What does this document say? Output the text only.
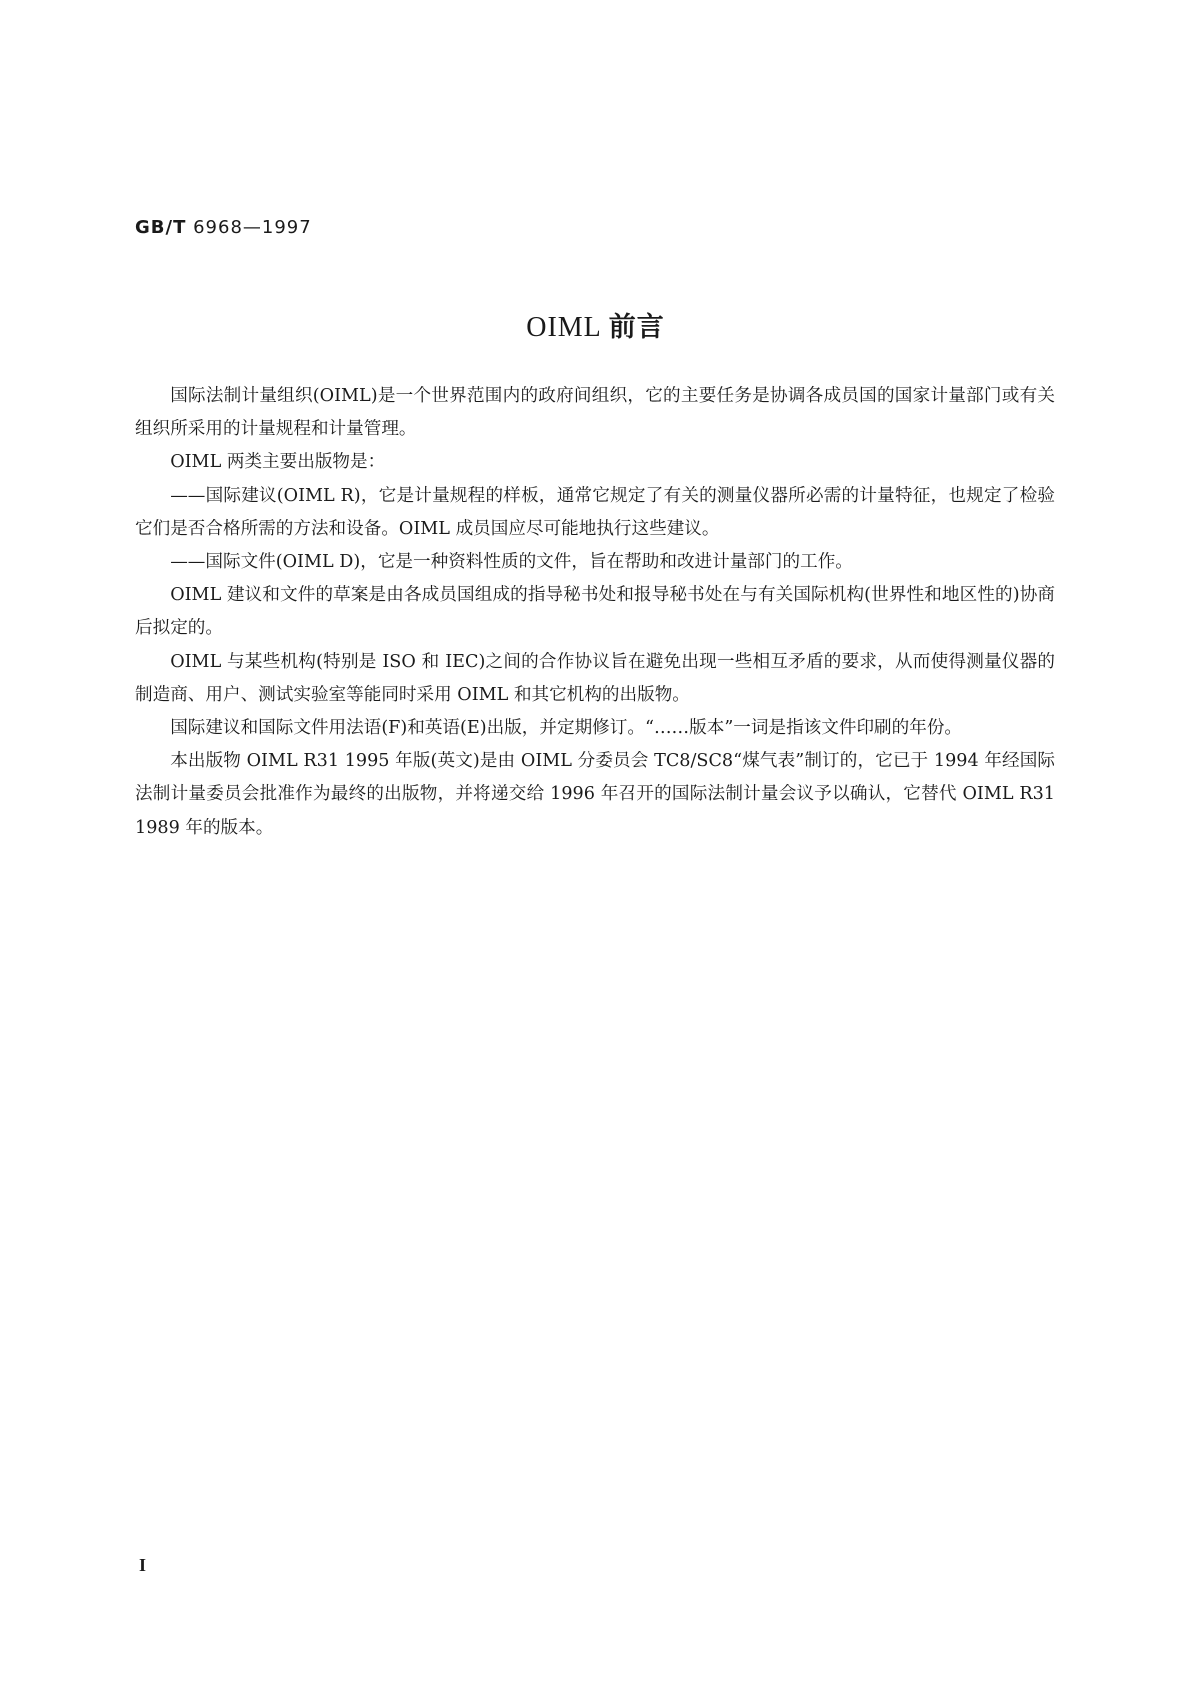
GB/T 6968—1997
OIML 前言

国际法制计量组织(OIML)是一个世界范围内的政府间组织，它的主要任务是协调各成员国的国家计量部门或有关组织所采用的计量规程和计量管理。

OIML 两类主要出版物是：

——国际建议(OIML R)，它是计量规程的样板，通常它规定了有关的测量仪器所必需的计量特征，也规定了检验它们是否合格所需的方法和设备。OIML 成员国应尽可能地执行这些建议。

——国际文件(OIML D)，它是一种资料性质的文件，旨在帮助和改进计量部门的工作。

OIML 建议和文件的草案是由各成员国组成的指导秘书处和报导秘书处在与有关国际机构(世界性和地区性的)协商后拟定的。

OIML 与某些机构(特别是 ISO 和 IEC)之间的合作协议旨在避免出现一些相互矛盾的要求，从而使得测量仪器的制造商、用户、测试实验室等能同时采用 OIML 和其它机构的出版物。

国际建议和国际文件用法语(F)和英语(E)出版，并定期修订。“……版本”一词是指该文件印刷的年份。

本出版物 OIML R31 1995 年版(英文)是由 OIML 分委员会 TC8/SC8“煤气表”制订的，它已于 1994 年经国际法制计量委员会批准作为最终的出版物，并将递交给 1996 年召开的国际法制计量会议予以确认，它替代 OIML R31 1989 年的版本。

I
